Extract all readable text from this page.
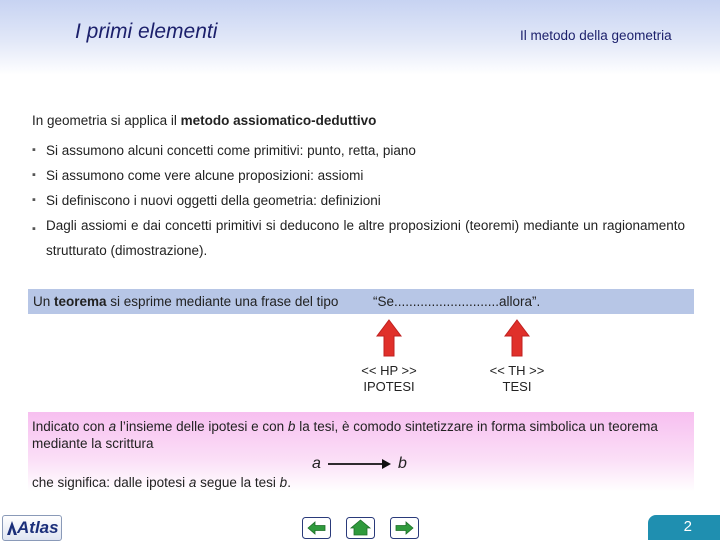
I primi elementi	Il metodo della geometria
In geometria si applica il metodo assiomatico-deduttivo
▪ Si assumono alcuni concetti come primitivi: punto, retta, piano
▪ Si assumono come vere alcune proposizioni: assiomi
▪ Si definiscono i nuovi oggetti della geometria: definizioni
▪ Dagli assiomi e dai concetti primitivi si deducono le altre proposizioni (teoremi) mediante un ragionamento strutturato (dimostrazione).
Un teorema si esprime mediante una frase del tipo	“Se............................allora”.
<< HP >>
IPOTESI
<< TH >>
TESI
Indicato con a l’insieme delle ipotesi e con b la tesi, è comodo sintetizzare in forma simbolica un teorema mediante la scrittura
a	b
che significa: dalle ipotesi a segue la tesi b.
Atlas	2
